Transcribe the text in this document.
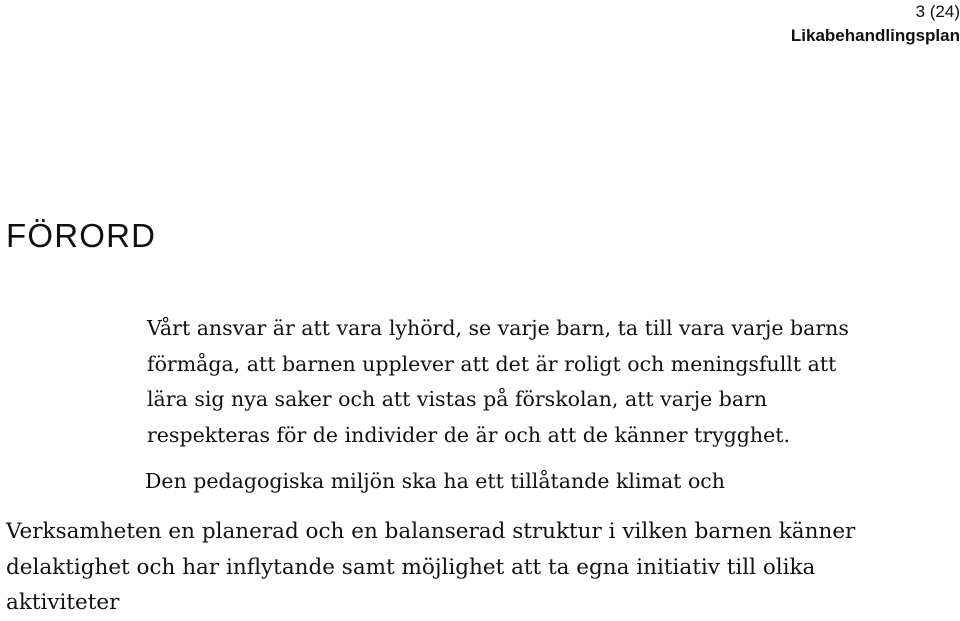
3 (24)
Likabehandlingsplan
FÖRORD
Vårt ansvar är att vara lyhörd, se varje barn, ta till vara varje barns
förmåga, att barnen upplever att det är roligt och meningsfullt att
lära sig nya saker och att vistas på förskolan, att varje barn
respekteras för de individer de är och att de känner trygghet.
Den pedagogiska miljön ska ha ett tillåtande klimat och
Verksamheten en planerad och en balanserad struktur i vilken barnen känner
delaktighet och har inflytande samt möjlighet att ta egna initiativ till olika
aktiviteter
